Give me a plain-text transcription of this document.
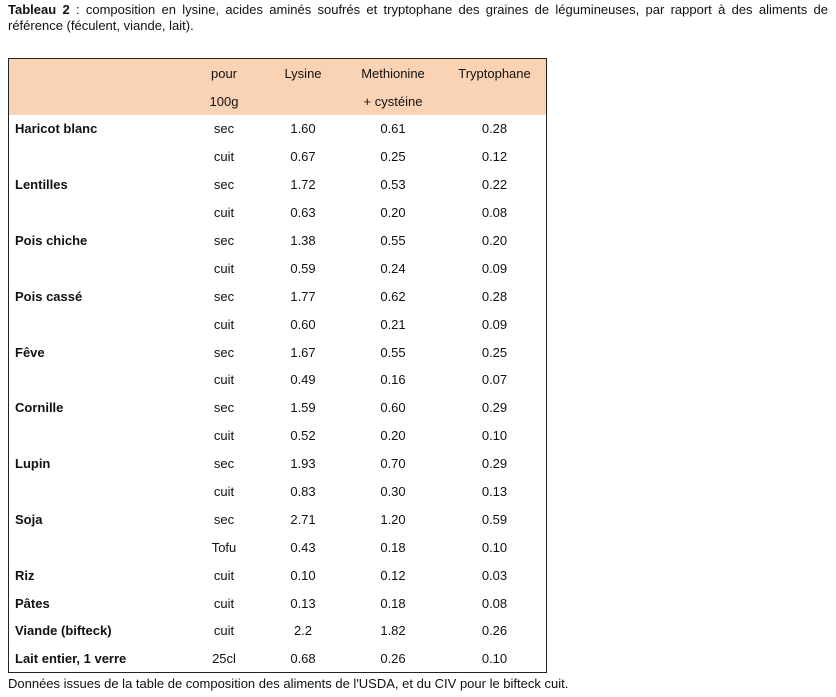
Tableau 2 : composition en lysine, acides aminés soufrés et tryptophane des graines de légumineuses, par rapport à des aliments de référence (féculent, viande, lait).
	pour	Lysine	Methionine	Tryptophane
	100g		+ cystéine	
Haricot blanc	sec	1.60	0.61	0.28
	cuit	0.67	0.25	0.12
Lentilles	sec	1.72	0.53	0.22
	cuit	0.63	0.20	0.08
Pois chiche	sec	1.38	0.55	0.20
	cuit	0.59	0.24	0.09
Pois cassé	sec	1.77	0.62	0.28
	cuit	0.60	0.21	0.09
Fêve	sec	1.67	0.55	0.25
	cuit	0.49	0.16	0.07
Cornille	sec	1.59	0.60	0.29
	cuit	0.52	0.20	0.10
Lupin	sec	1.93	0.70	0.29
	cuit	0.83	0.30	0.13
Soja	sec	2.71	1.20	0.59
	Tofu	0.43	0.18	0.10
Riz	cuit	0.10	0.12	0.03
Pâtes	cuit	0.13	0.18	0.08
Viande (bifteck)	cuit	2.2	1.82	0.26
Lait entier, 1 verre	25cl	0.68	0.26	0.10
Données issues de la table de composition des aliments de l'USDA, et du CIV pour le bifteck cuit.
